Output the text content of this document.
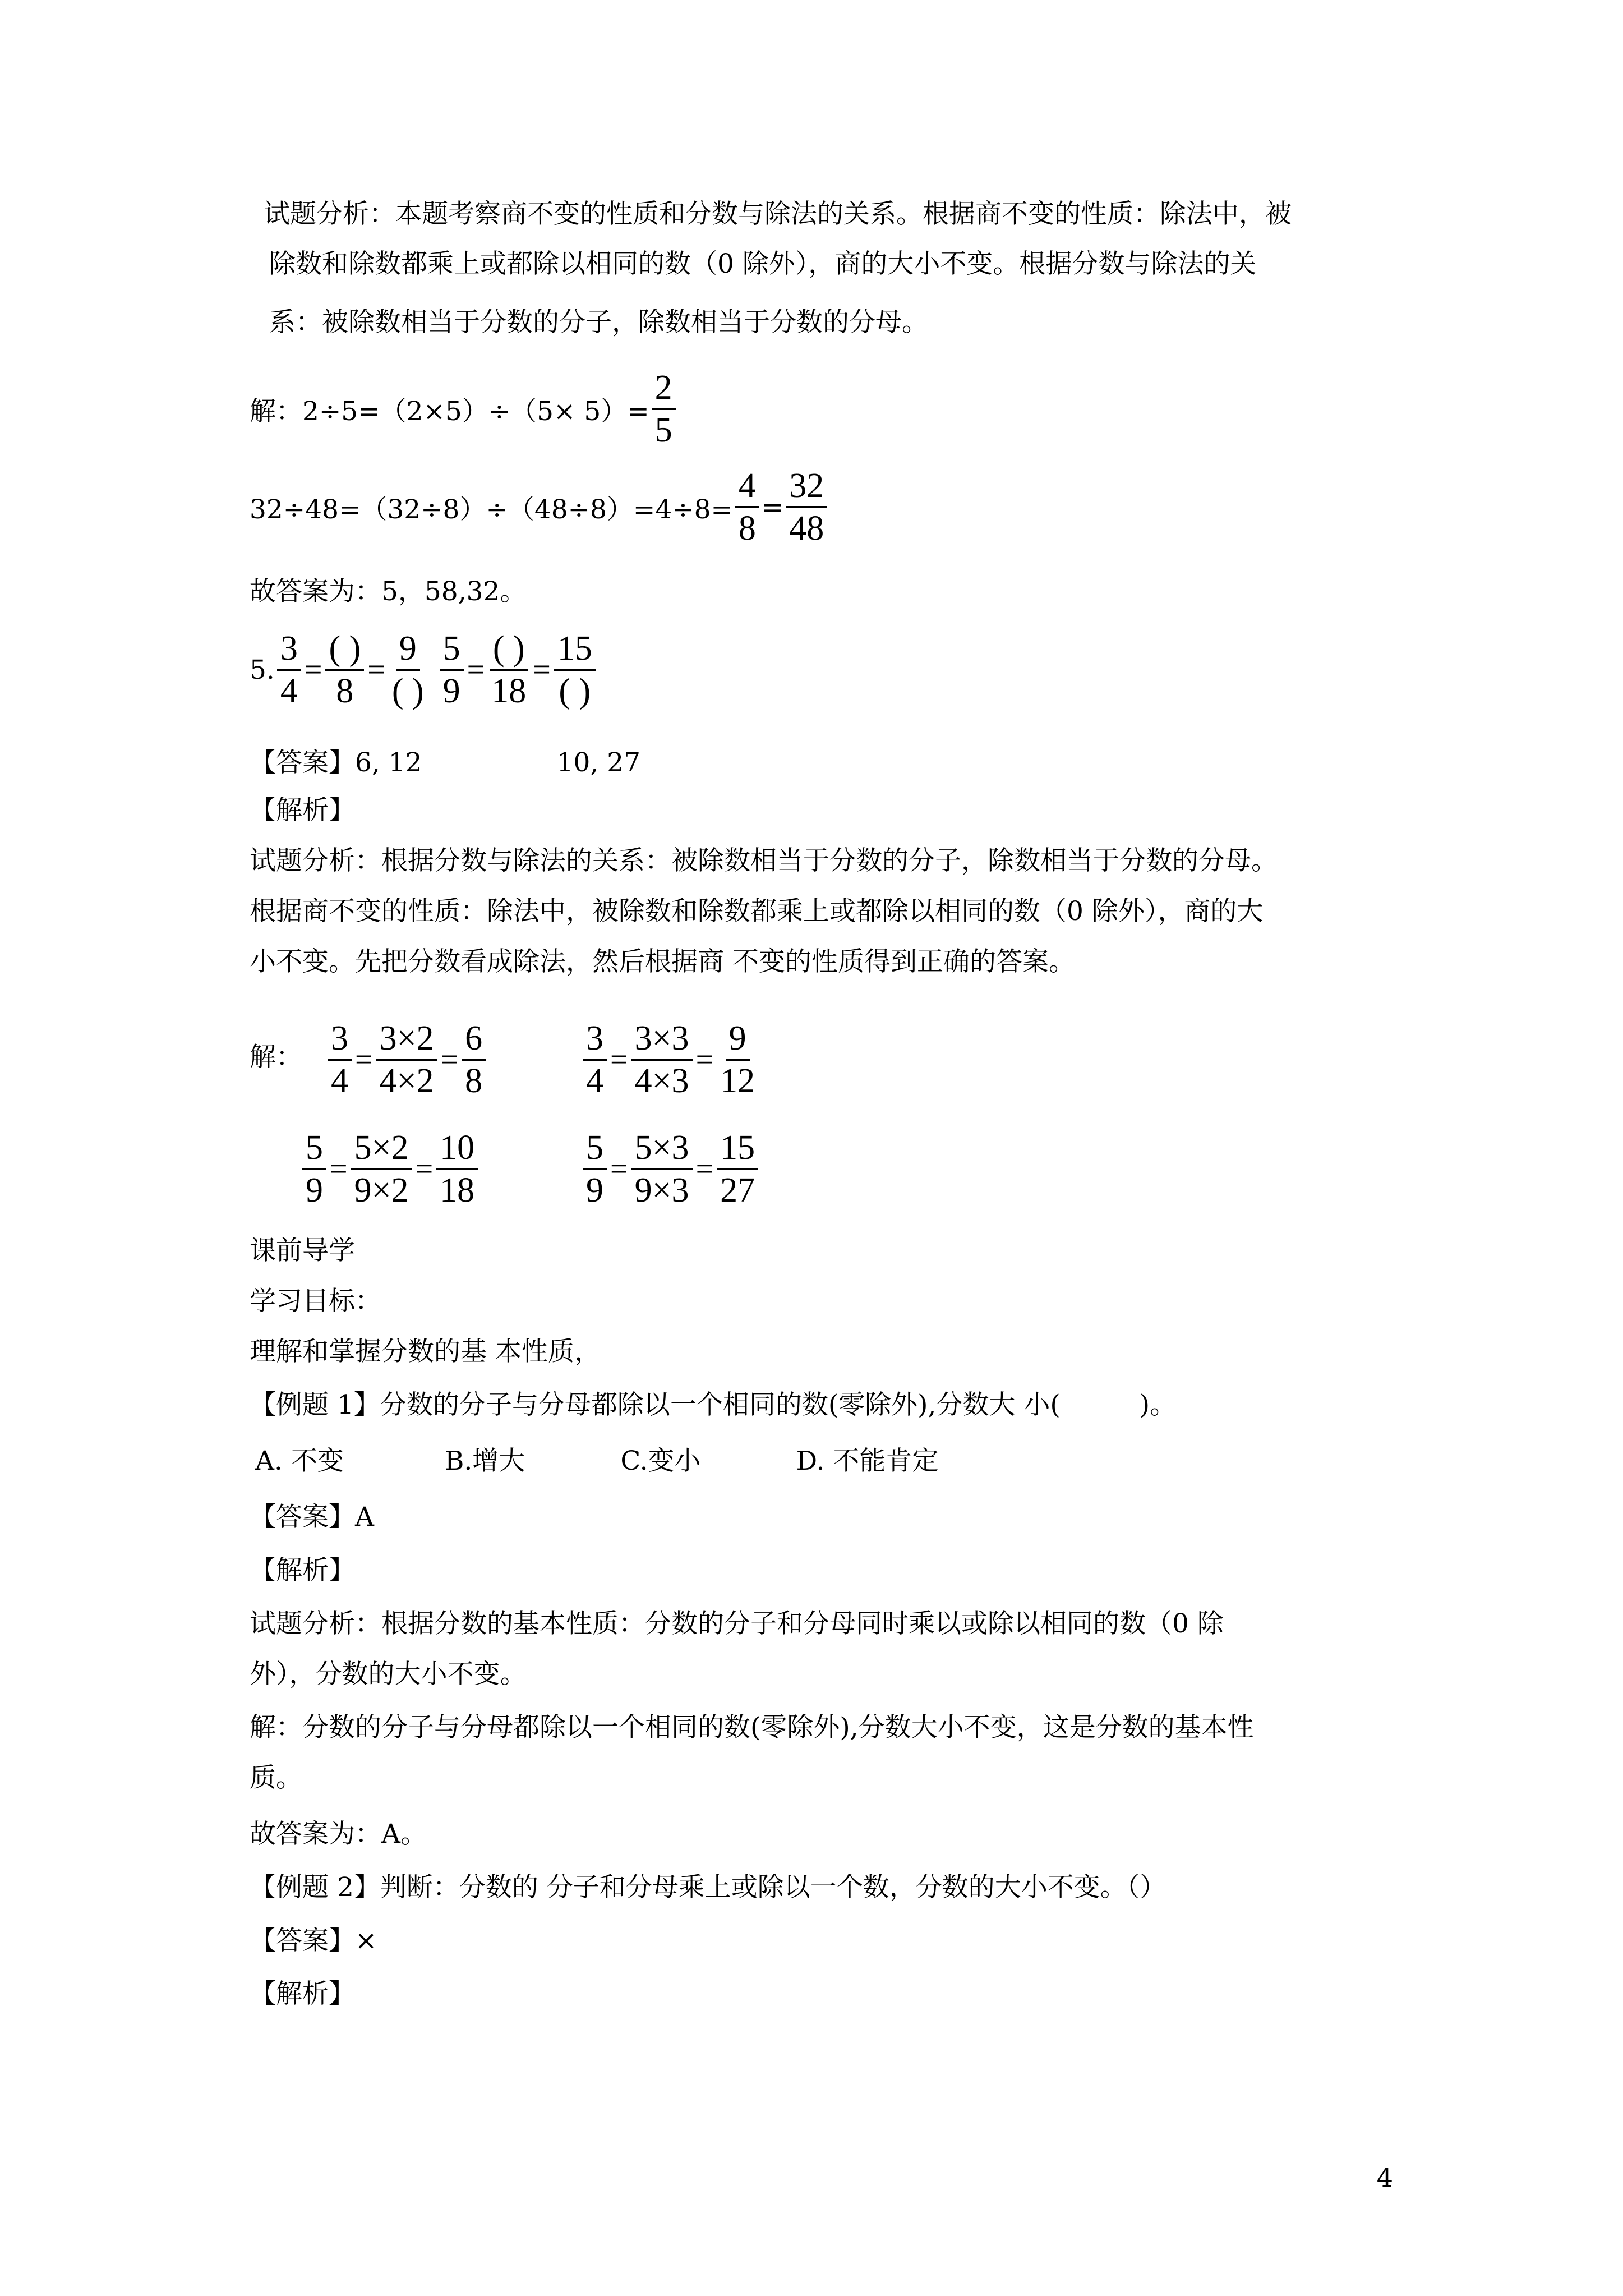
试题分析：本题考察商不变的性质和分数与除法的关系。根据商不变的性质：除法中，被
除数和除数都乘上或都除以相同的数（0 除外），商的大小不变。根据分数与除法的关
系：被除数相当于分数的分子，除数相当于分数的分母。
解：$2\div 5=(2\times 5)\div(5\times 5)= \frac{2}{5}$
$32\div 48=(32\div 8)\div(48\div 8)=4\div 8= \frac{4}{8} = \frac{32}{48}$
故答案为：5，58,32。
5. $\frac{3}{4} = \frac{( )}{8} = \frac{9}{( )} \frac{5}{9} = \frac{( )}{18} = \frac{15}{( )}$
【答案】6, 12	10, 27
【解析】
试题分析：根据分数与除法的关系：被除数相当于分数的分子，除数相当于分数的分母。
根据商不变的性质：除法中，被除数和除数都乘上或都除以相同的数（0 除外），商的大
小不变。先把分数看成除法，然后根据商 不变的性质得到正确的答案。
解： $\frac{3}{4} = \frac{3\times 2}{4\times 2} = \frac{6}{8}$	$\frac{3}{4} = \frac{3\times 3}{4\times 3} = \frac{9}{12}$
$\frac{5}{9} = \frac{5\times 2}{9\times 2} = \frac{10}{18}$	$\frac{5}{9} = \frac{5\times 3}{9\times 3} = \frac{15}{27}$
课前导学
学习目标：
理解和掌握分数的基 本性质，
【例题 1】分数的分子与分母都除以一个相同的数(零除外),分数大 小(　　　)。
A. 不变	B.增大	C.变小	D. 不能肯定
【答案】A
【解析】
试题分析：根据分数的基本性质：分数的分子和分母同时乘以或除以相同的数（0 除
外），分数的大小不变。
解：分数的分子与分母都除以一个相同的数(零除外),分数大小不变，这是分数的基本性
质。
故答案为：A。
【例题 2】判断：分数的 分子和分母乘上或除以一个数，分数的大小不变。（）
【答案】×
【解析】
4
